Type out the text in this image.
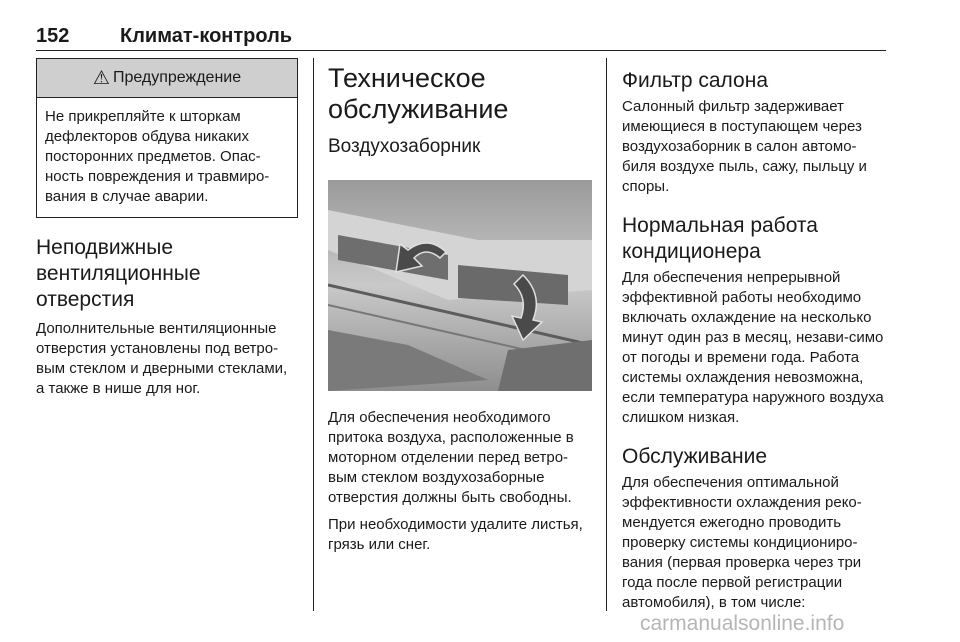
152	Климат-контроль
⚠ Предупреждение
Не прикрепляйте к шторкам дефлекторов обдува никаких посторонних предметов. Опас-ность повреждения и травмиро-вания в случае аварии.
Неподвижные вентиляционные отверстия

Дополнительные вентиляционные отверстия установлены под ветро-вым стеклом и дверными стеклами, а также в нише для ног.

Техническое обслуживание
Воздухозаборник

Для обеспечения необходимого притока воздуха, расположенные в моторном отделении перед ветро-вым стеклом воздухозаборные отверстия должны быть свободны.

При необходимости удалите листья, грязь или снег.

Фильтр салона

Салонный фильтр задерживает имеющиеся в поступающем через воздухозаборник в салон автомо-биля воздухе пыль, сажу, пыльцу и споры.

Нормальная работа кондиционера

Для обеспечения непрерывной эффективной работы необходимо включать охлаждение на несколько минут один раз в месяц, незави-симо от погоды и времени года. Работа системы охлаждения невозможна, если температура наружного воздуха слишком низкая.

Обслуживание

Для обеспечения оптимальной эффективности охлаждения реко-мендуется ежегодно проводить проверку системы кондициониро-вания (первая проверка через три года после первой регистрации автомобиля), в том числе:

carmanualsonline.info
